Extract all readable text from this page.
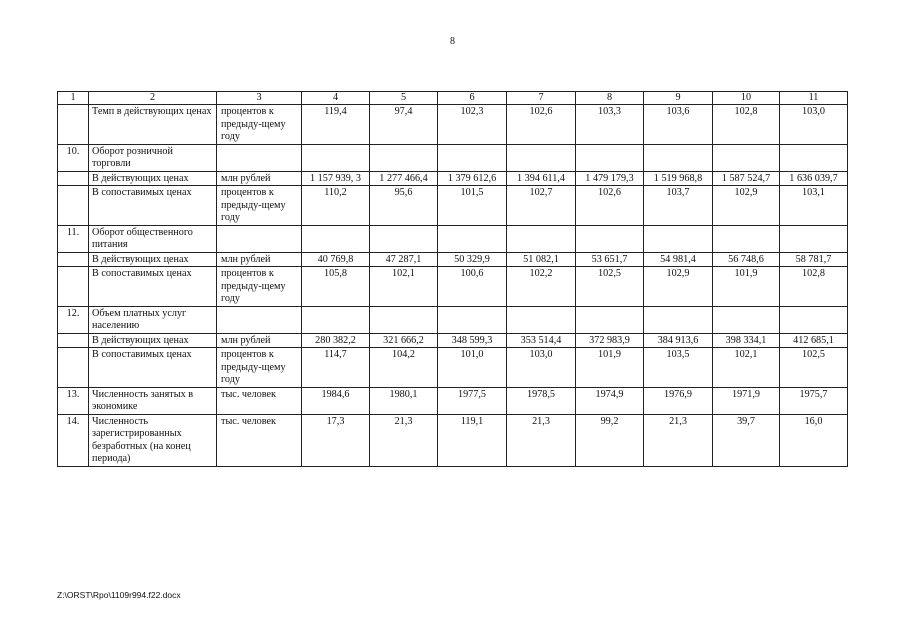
8
1	2	3	4	5	6	7	8	9	10	11
	Темп в действующих ценах	процентов к предыду-щему году	119,4	97,4	102,3	102,6	103,3	103,6	102,8	103,0
10.	Оборот розничной торговли									
	В действующих ценах	млн рублей	1 157 939, 3	1 277 466,4	1 379 612,6	1 394 611,4	1 479 179,3	1 519 968,8	1 587 524,7	1 636 039,7
	В сопоставимых ценах	процентов к предыду-щему году	110,2	95,6	101,5	102,7	102,6	103,7	102,9	103,1
11.	Оборот общественного питания									
	В действующих ценах	млн рублей	40 769,8	47 287,1	50 329,9	51 082,1	53 651,7	54 981,4	56 748,6	58 781,7
	В сопоставимых ценах	процентов к предыду-щему году	105,8	102,1	100,6	102,2	102,5	102,9	101,9	102,8
12.	Объем платных услуг населению									
	В действующих ценах	млн рублей	280 382,2	321 666,2	348 599,3	353 514,4	372 983,9	384 913,6	398 334,1	412 685,1
	В сопоставимых ценах	процентов к предыду-щему году	114,7	104,2	101,0	103,0	101,9	103,5	102,1	102,5
13.	Численность занятых в экономике	тыс. человек	1984,6	1980,1	1977,5	1978,5	1974,9	1976,9	1971,9	1975,7
14.	Численность зарегистрированных безработных (на конец периода)	тыс. человек	17,3	21,3	119,1	21,3	99,2	21,3	39,7	16,0
Z:\ORST\Rpo\1109r994.f22.docx
